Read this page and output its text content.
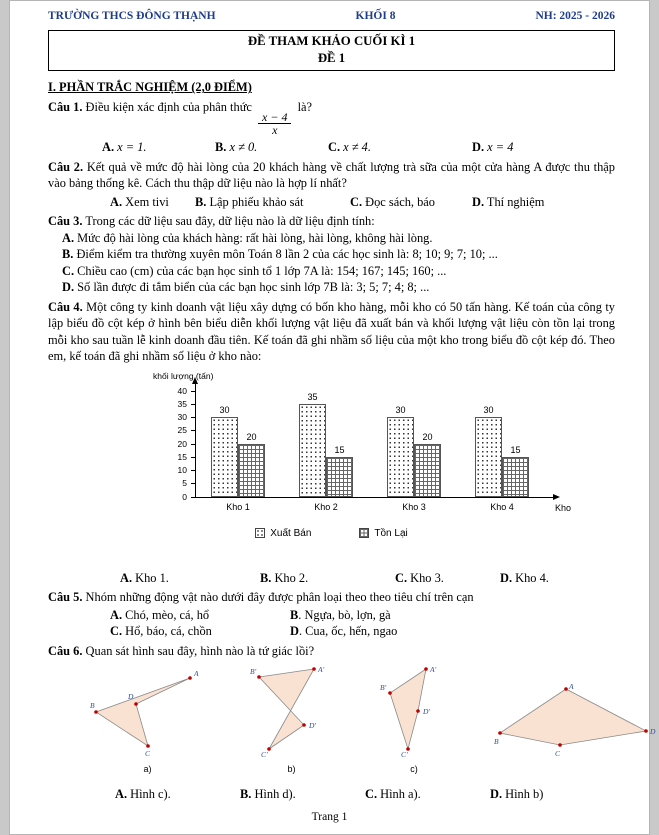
TRƯỜNG THCS ĐÔNG THẠNH	KHỐI 8	NH: 2025 - 2026
ĐỀ THAM KHẢO CUỐI KÌ 1
ĐỀ 1
I. PHẦN TRẮC NGHIỆM (2,0 ĐIỂM)
Câu 1. Điều kiện xác định của phân thức
$\frac{x - 4}{x}$
là?
A. x = 1.	B. x ≠ 0.	C. x ≠ 4.	D. x = 4
Câu 2. Kết quả về mức độ hài lòng của 20 khách hàng về chất lượng trà sữa của một cửa hàng A được thu thập vào bảng thống kê. Cách thu thập dữ liệu nào là hợp lí nhất?
A. Xem tivi	B. Lập phiếu khảo sát	C. Đọc sách, báo	D. Thí nghiệm
Câu 3. Trong các dữ liệu sau đây, dữ liệu nào là dữ liệu định tính:
A. Mức độ hài lòng của khách hàng: rất hài lòng, hài lòng, không hài lòng.
B. Điểm kiểm tra thường xuyên môn Toán 8 lần 2 của các học sinh là: 8; 10; 9; 7; 10; ...
C. Chiều cao (cm) của các bạn học sinh tổ 1 lớp 7A là: 154; 167; 145; 160; ...
D. Số lần được đi tắm biển của các bạn học sinh lớp 7B là: 3; 5; 7; 4; 8; ...
Câu 4. Một công ty kinh doanh vật liệu xây dựng có bốn kho hàng, mỗi kho có 50 tấn hàng. Kế toán của công ty lập biểu đồ cột kép ở hình bên biểu diễn khối lượng vật liệu đã xuất bán và khối lượng vật liệu còn tồn lại trong mỗi kho sau tuần lễ kinh doanh đầu tiên. Kế toán đã ghi nhầm số liệu của một kho trong biểu đồ cột kép đó. Theo em, kế toán đã ghi nhầm số liệu ở kho nào:
khối lượng (tấn)
Kho
0
5
10
15
20
25
30
35
40
30
20
Kho 1
35
15
Kho 2
30
20
Kho 3
30
15
Kho 4
Xuất Bán	Tồn Lại
A. Kho 1.	B. Kho 2.	C. Kho 3.	D. Kho 4.
Câu 5. Nhóm những động vật nào dưới đây được phân loại theo theo tiêu chí trên cạn
A. Chó, mèo, cá, hổ	B. Ngựa, bò, lợn, gà
C. Hổ, báo, cá, chồn	D. Cua, ốc, hến, ngao
Câu 6. Quan sát hình sau đây, hình nào là tứ giác lồi?
A
D
C
B
a)
B'	A'
C'
D'
b)
A'
B'
C'
D'
c)
A
B
C
D
A. Hình c).	B. Hình d).	C. Hình a).	D. Hình b)
Trang 1
